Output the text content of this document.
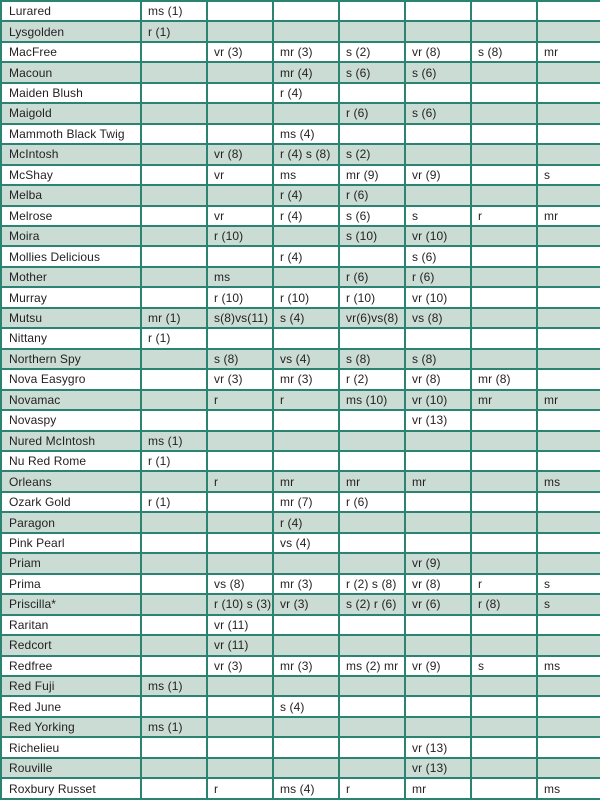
Lurared	ms (1)						
Lysgolden	r (1)						
MacFree		vr (3)	mr (3)	s (2)	vr (8)	s (8)	mr
Macoun			mr (4)	s (6)	s (6)		
Maiden Blush			r (4)				
Maigold				r (6)	s (6)		
Mammoth Black Twig			ms (4)				
McIntosh		vr (8)	r (4) s (8)	s (2)			
McShay		vr	ms	mr (9)	vr (9)		s
Melba			r (4)	r (6)			
Melrose		vr	r (4)	s (6)	s	r	mr
Moira		r (10)		s (10)	vr (10)		
Mollies Delicious			r (4)		s (6)		
Mother		ms		r (6)	r (6)		
Murray		r (10)	r (10)	r (10)	vr (10)		
Mutsu	mr (1)	s(8)vs(11)	s (4)	vr(6)vs(8)	vs (8)		
Nittany	r (1)						
Northern Spy		s (8)	vs (4)	s (8)	s (8)		
Nova Easygro		vr (3)	mr (3)	r (2)	vr (8)	mr (8)	
Novamac		r	r	ms (10)	vr (10)	mr	mr
Novaspy					vr (13)		
Nured McIntosh	ms (1)						
Nu Red Rome	r (1)						
Orleans		r	mr	mr	mr		ms
Ozark Gold	r (1)		mr (7)	r (6)			
Paragon			r (4)				
Pink Pearl			vs (4)				
Priam					vr (9)		
Prima		vs (8)	mr (3)	r (2) s (8)	vr (8)	r	s
Priscilla*		r (10) s (3)	vr (3)	s (2) r (6)	vr (6)	r (8)	s
Raritan		vr (11)					
Redcort		vr (11)					
Redfree		vr (3)	mr (3)	ms (2) mr	vr (9)	s	ms
Red Fuji	ms (1)						
Red June			s (4)				
Red Yorking	ms (1)						
Richelieu					vr (13)		
Rouville					vr (13)		
Roxbury Russet		r	ms (4)	r	mr		ms
